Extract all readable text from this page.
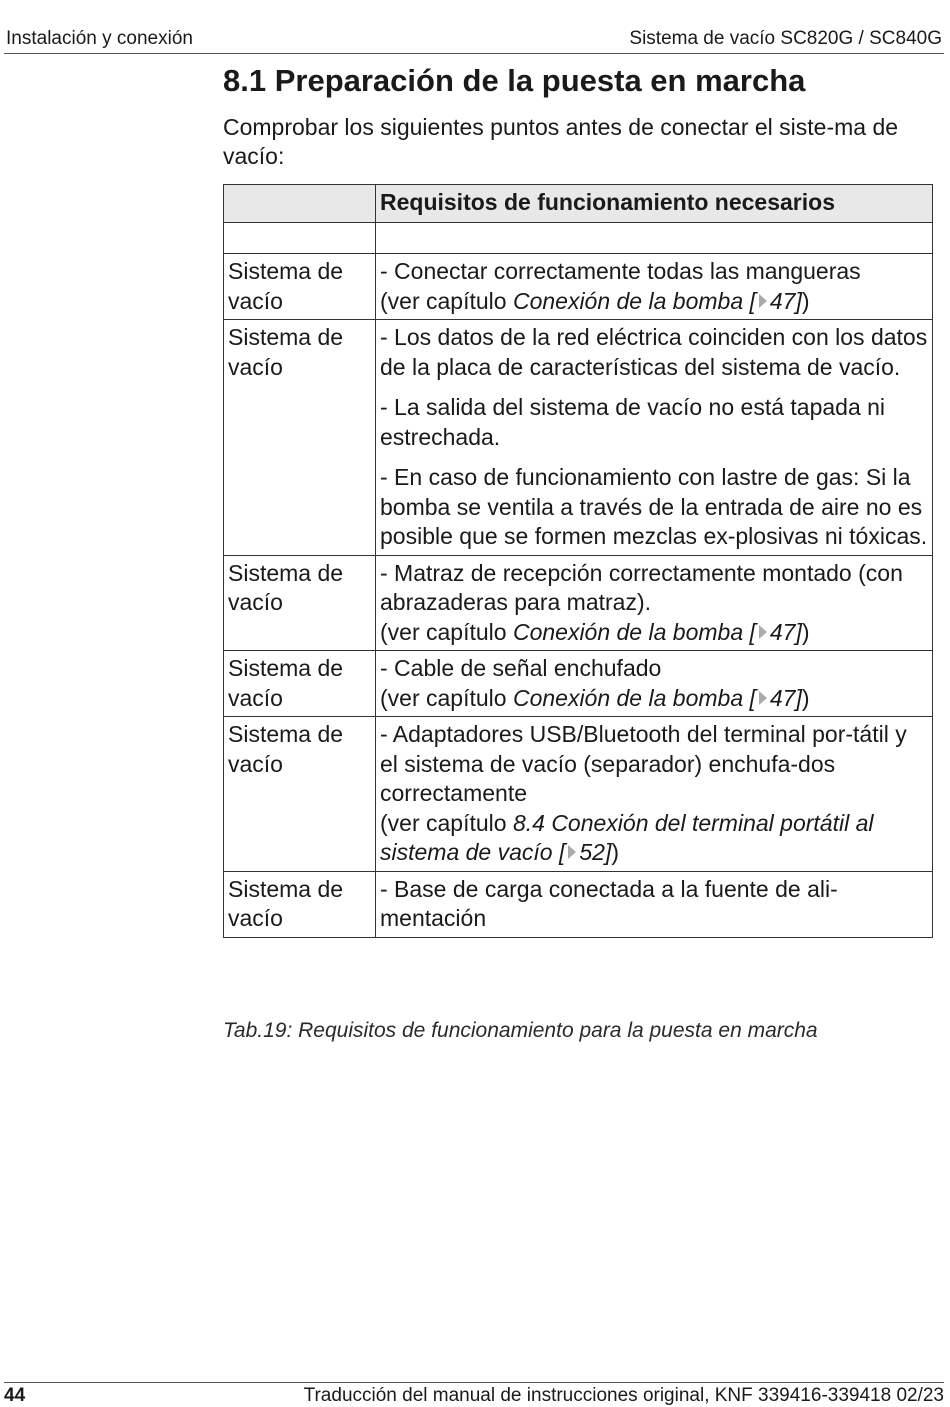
Instalación y conexión	Sistema de vacío SC820G / SC840G
8.1 Preparación de la puesta en marcha
Comprobar los siguientes puntos antes de conectar el siste-ma de vacío:
	Requisitos de funcionamiento necesarios

Sistema de vacío	- Conectar correctamente todas las mangueras
(ver capítulo Conexión de la bomba [ 47])

Sistema de vacío	- Los datos de la red eléctrica coinciden con los datos de la placa de características del sistema de vacío.
- La salida del sistema de vacío no está tapada ni estrechada.
- En caso de funcionamiento con lastre de gas: Si la bomba se ventila a través de la entrada de aire no es posible que se formen mezclas ex-plosivas ni tóxicas.

Sistema de vacío	- Matraz de recepción correctamente montado (con abrazaderas para matraz).
(ver capítulo Conexión de la bomba [ 47])

Sistema de vacío	- Cable de señal enchufado
(ver capítulo Conexión de la bomba [ 47])

Sistema de vacío	- Adaptadores USB/Bluetooth del terminal por-tátil y el sistema de vacío (separador) enchufa-dos correctamente
(ver capítulo 8.4 Conexión del terminal portátil al sistema de vacío [ 52])

Sistema de vacío	- Base de carga conectada a la fuente de ali-mentación
Tab.19: Requisitos de funcionamiento para la puesta en marcha
44	Traducción del manual de instrucciones original, KNF 339416-339418 02/23
